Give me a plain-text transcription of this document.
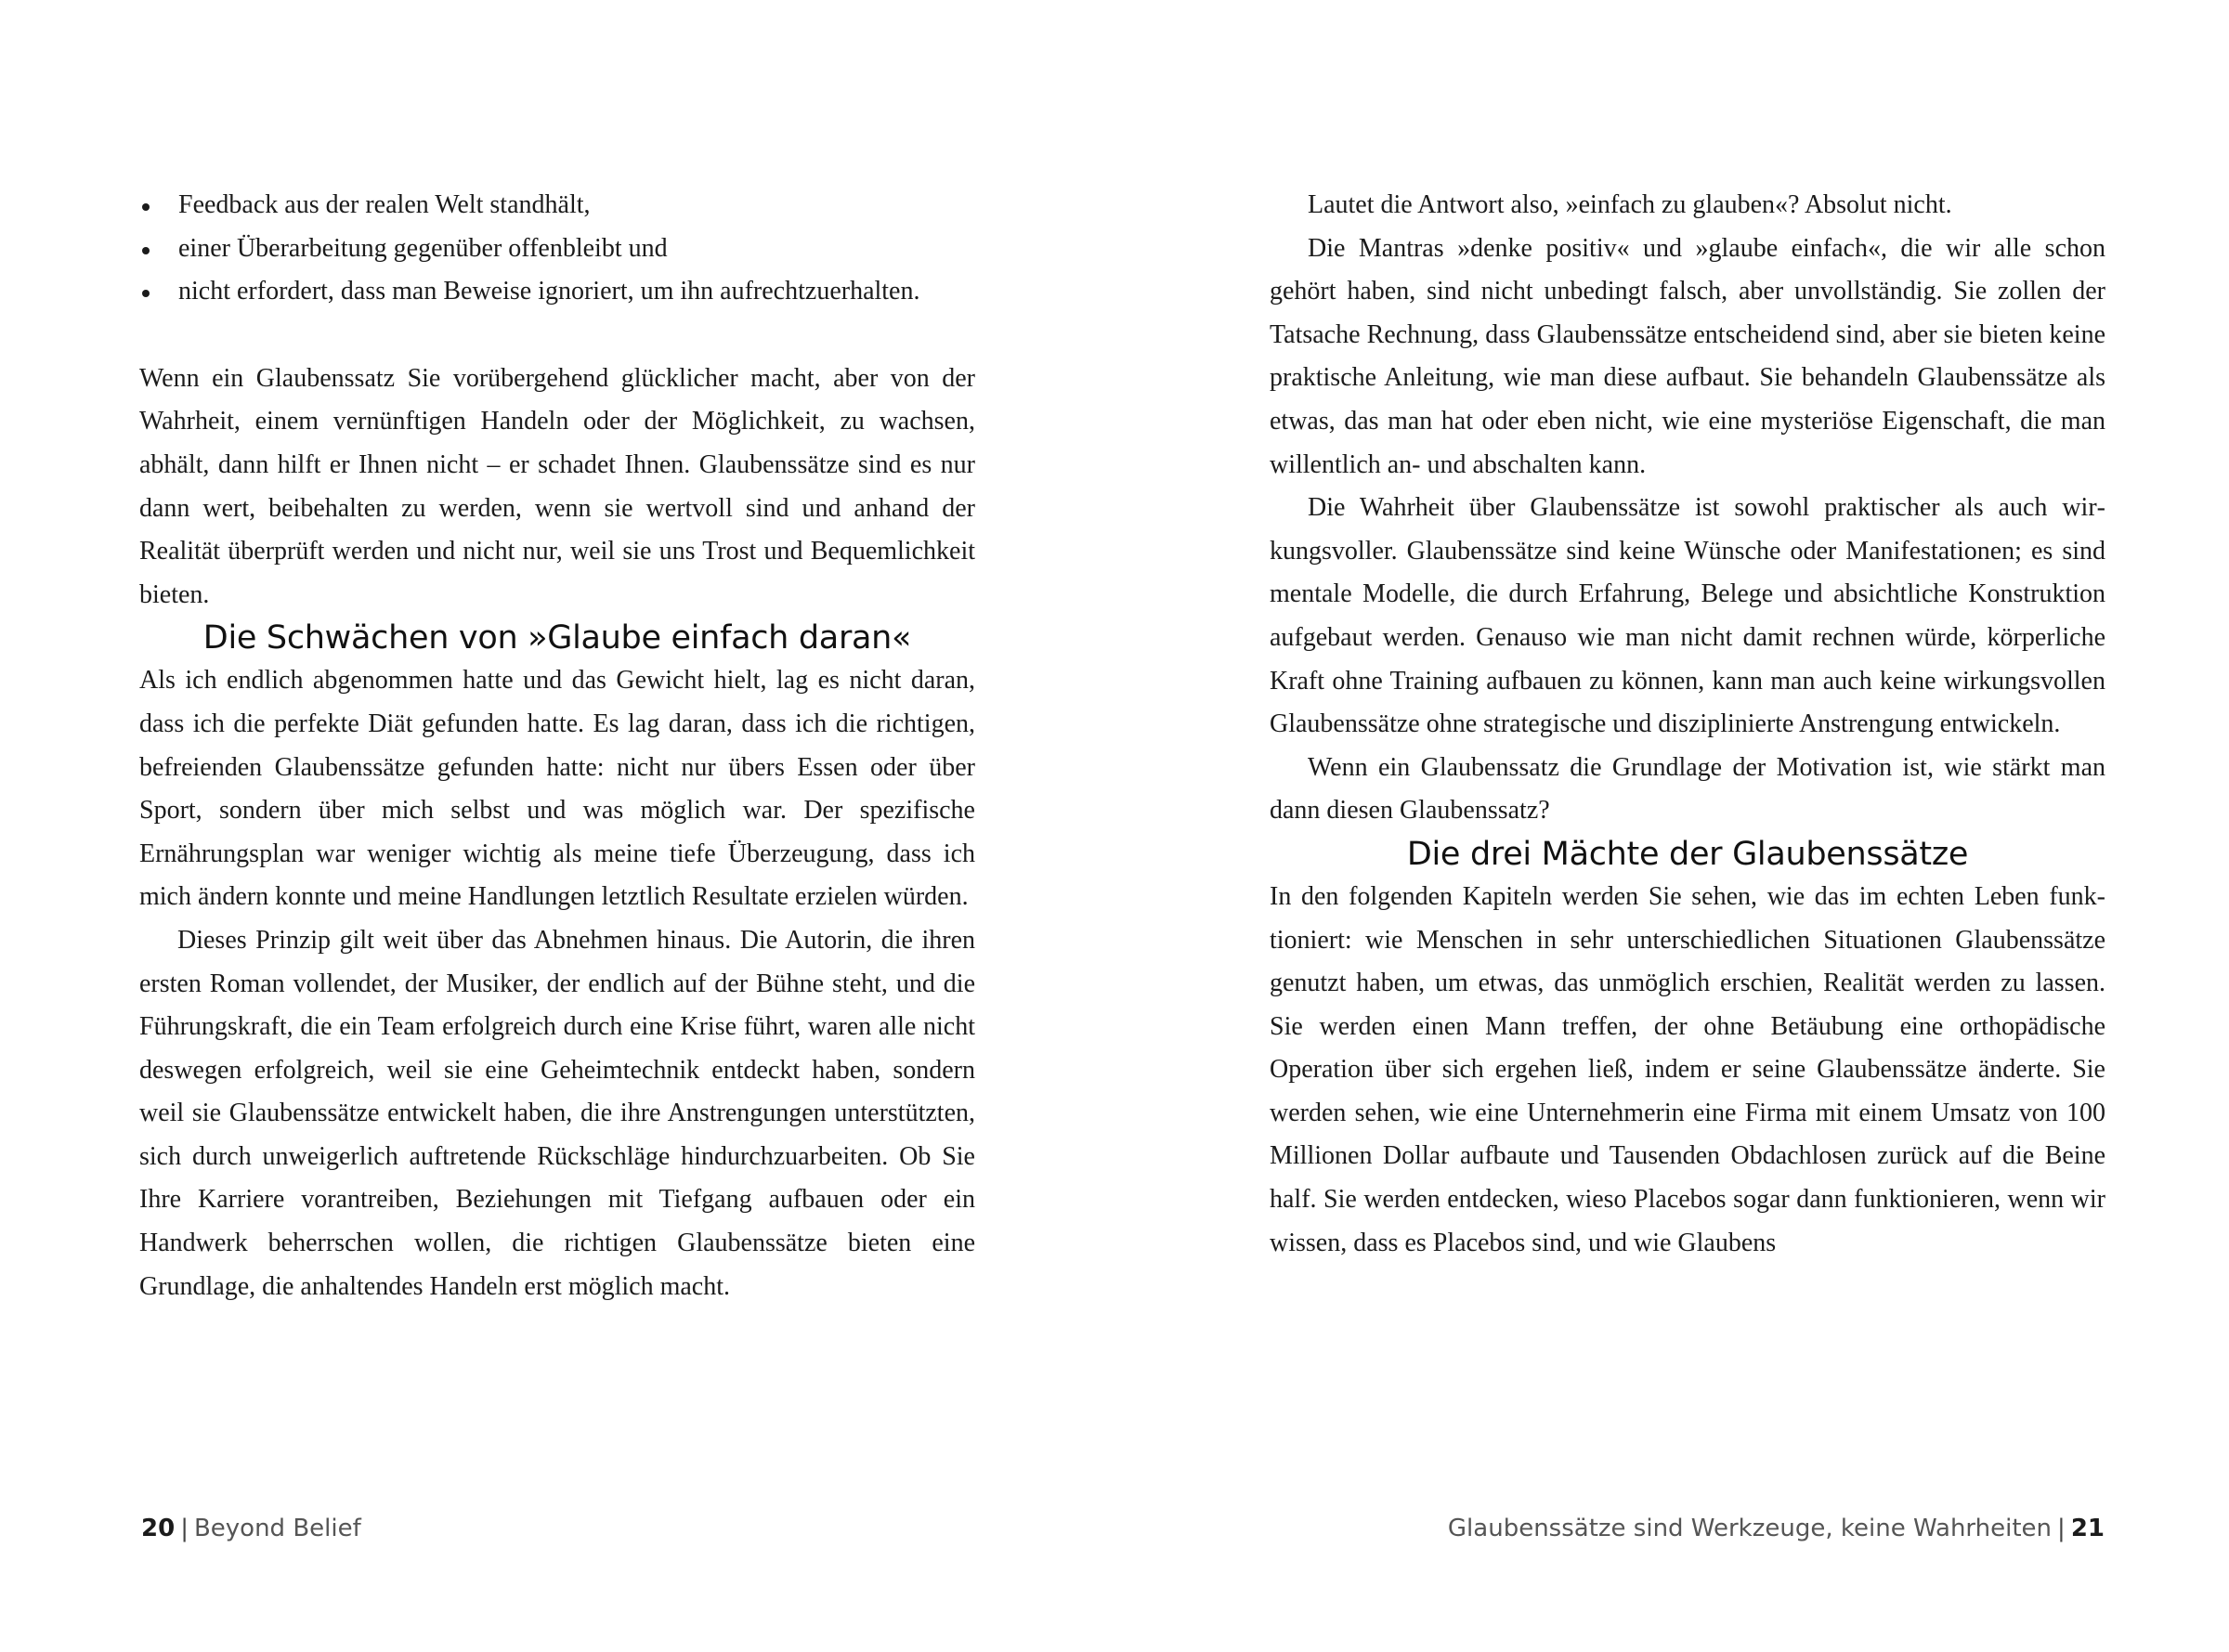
Feedback aus der realen Welt standhält,
einer Überarbeitung gegenüber offenbleibt und
nicht erfordert, dass man Beweise ignoriert, um ihn aufrechtzuerhalten.

Wenn ein Glaubenssatz Sie vorübergehend glücklicher macht, aber von der Wahrheit, einem vernünftigen Handeln oder der Möglichkeit, zu wachsen, abhält, dann hilft er Ihnen nicht – er schadet Ihnen. Glaubenssätze sind es nur dann wert, beibehalten zu werden, wenn sie wertvoll sind und anhand der Realität überprüft werden und nicht nur, weil sie uns Trost und Bequemlichkeit bieten.

Die Schwächen von »Glaube einfach daran«

Als ich endlich abgenommen hatte und das Gewicht hielt, lag es nicht daran, dass ich die perfekte Diät gefunden hatte. Es lag daran, dass ich die richtigen, befreienden Glaubenssätze gefunden hatte: nicht nur übers Essen oder über Sport, sondern über mich selbst und was möglich war. Der spezifische Ernährungsplan war weniger wichtig als meine tiefe Überzeugung, dass ich mich ändern konnte und meine Handlungen letztlich Resultate erzielen würden.

Dieses Prinzip gilt weit über das Abnehmen hinaus. Die Autorin, die ihren ersten Roman vollendet, der Musiker, der endlich auf der Bühne steht, und die Führungskraft, die ein Team erfolgreich durch eine Krise führt, waren alle nicht deswegen erfolgreich, weil sie eine Geheimtechnik entdeckt haben, sondern weil sie Glaubenssätze entwickelt haben, die ihre Anstrengungen unterstützten, sich durch unweigerlich auftretende Rückschläge hindurchzuarbeiten. Ob Sie Ihre Karriere vorantreiben, Beziehungen mit Tiefgang aufbauen oder ein Handwerk beherrschen wollen, die richtigen Glaubenssätze bieten eine Grundlage, die anhaltendes Handeln erst möglich macht.

20 | Beyond Belief

Lautet die Antwort also, »einfach zu glauben«? Absolut nicht.

Die Mantras »denke positiv« und »glaube einfach«, die wir alle schon gehört haben, sind nicht unbedingt falsch, aber unvollständig. Sie zollen der Tatsache Rechnung, dass Glaubenssätze entscheidend sind, aber sie bieten keine praktische Anleitung, wie man diese aufbaut. Sie behandeln Glaubenssätze als etwas, das man hat oder eben nicht, wie eine mysteriöse Eigenschaft, die man willentlich an- und abschalten kann.

Die Wahrheit über Glaubenssätze ist sowohl praktischer als auch wirkungsvoller. Glaubenssätze sind keine Wünsche oder Manifestationen; es sind mentale Modelle, die durch Erfahrung, Belege und absichtliche Konstruktion aufgebaut werden. Genauso wie man nicht damit rechnen würde, körperliche Kraft ohne Training aufbauen zu können, kann man auch keine wirkungsvollen Glaubenssätze ohne strategische und disziplinierte Anstrengung entwickeln.

Wenn ein Glaubenssatz die Grundlage der Motivation ist, wie stärkt man dann diesen Glaubenssatz?

Die drei Mächte der Glaubenssätze

In den folgenden Kapiteln werden Sie sehen, wie das im echten Leben funktioniert: wie Menschen in sehr unterschiedlichen Situationen Glaubenssätze genutzt haben, um etwas, das unmöglich erschien, Realität werden zu lassen. Sie werden einen Mann treffen, der ohne Betäubung eine orthopädische Operation über sich ergehen ließ, indem er seine Glaubenssätze änderte. Sie werden sehen, wie eine Unternehmerin eine Firma mit einem Umsatz von 100 Millionen Dollar aufbaute und Tausenden Obdachlosen zurück auf die Beine half. Sie werden entdecken, wieso Placebos sogar dann funktionieren, wenn wir wissen, dass es Placebos sind, und wie Glaubens

Glaubenssätze sind Werkzeuge, keine Wahrheiten | 21
